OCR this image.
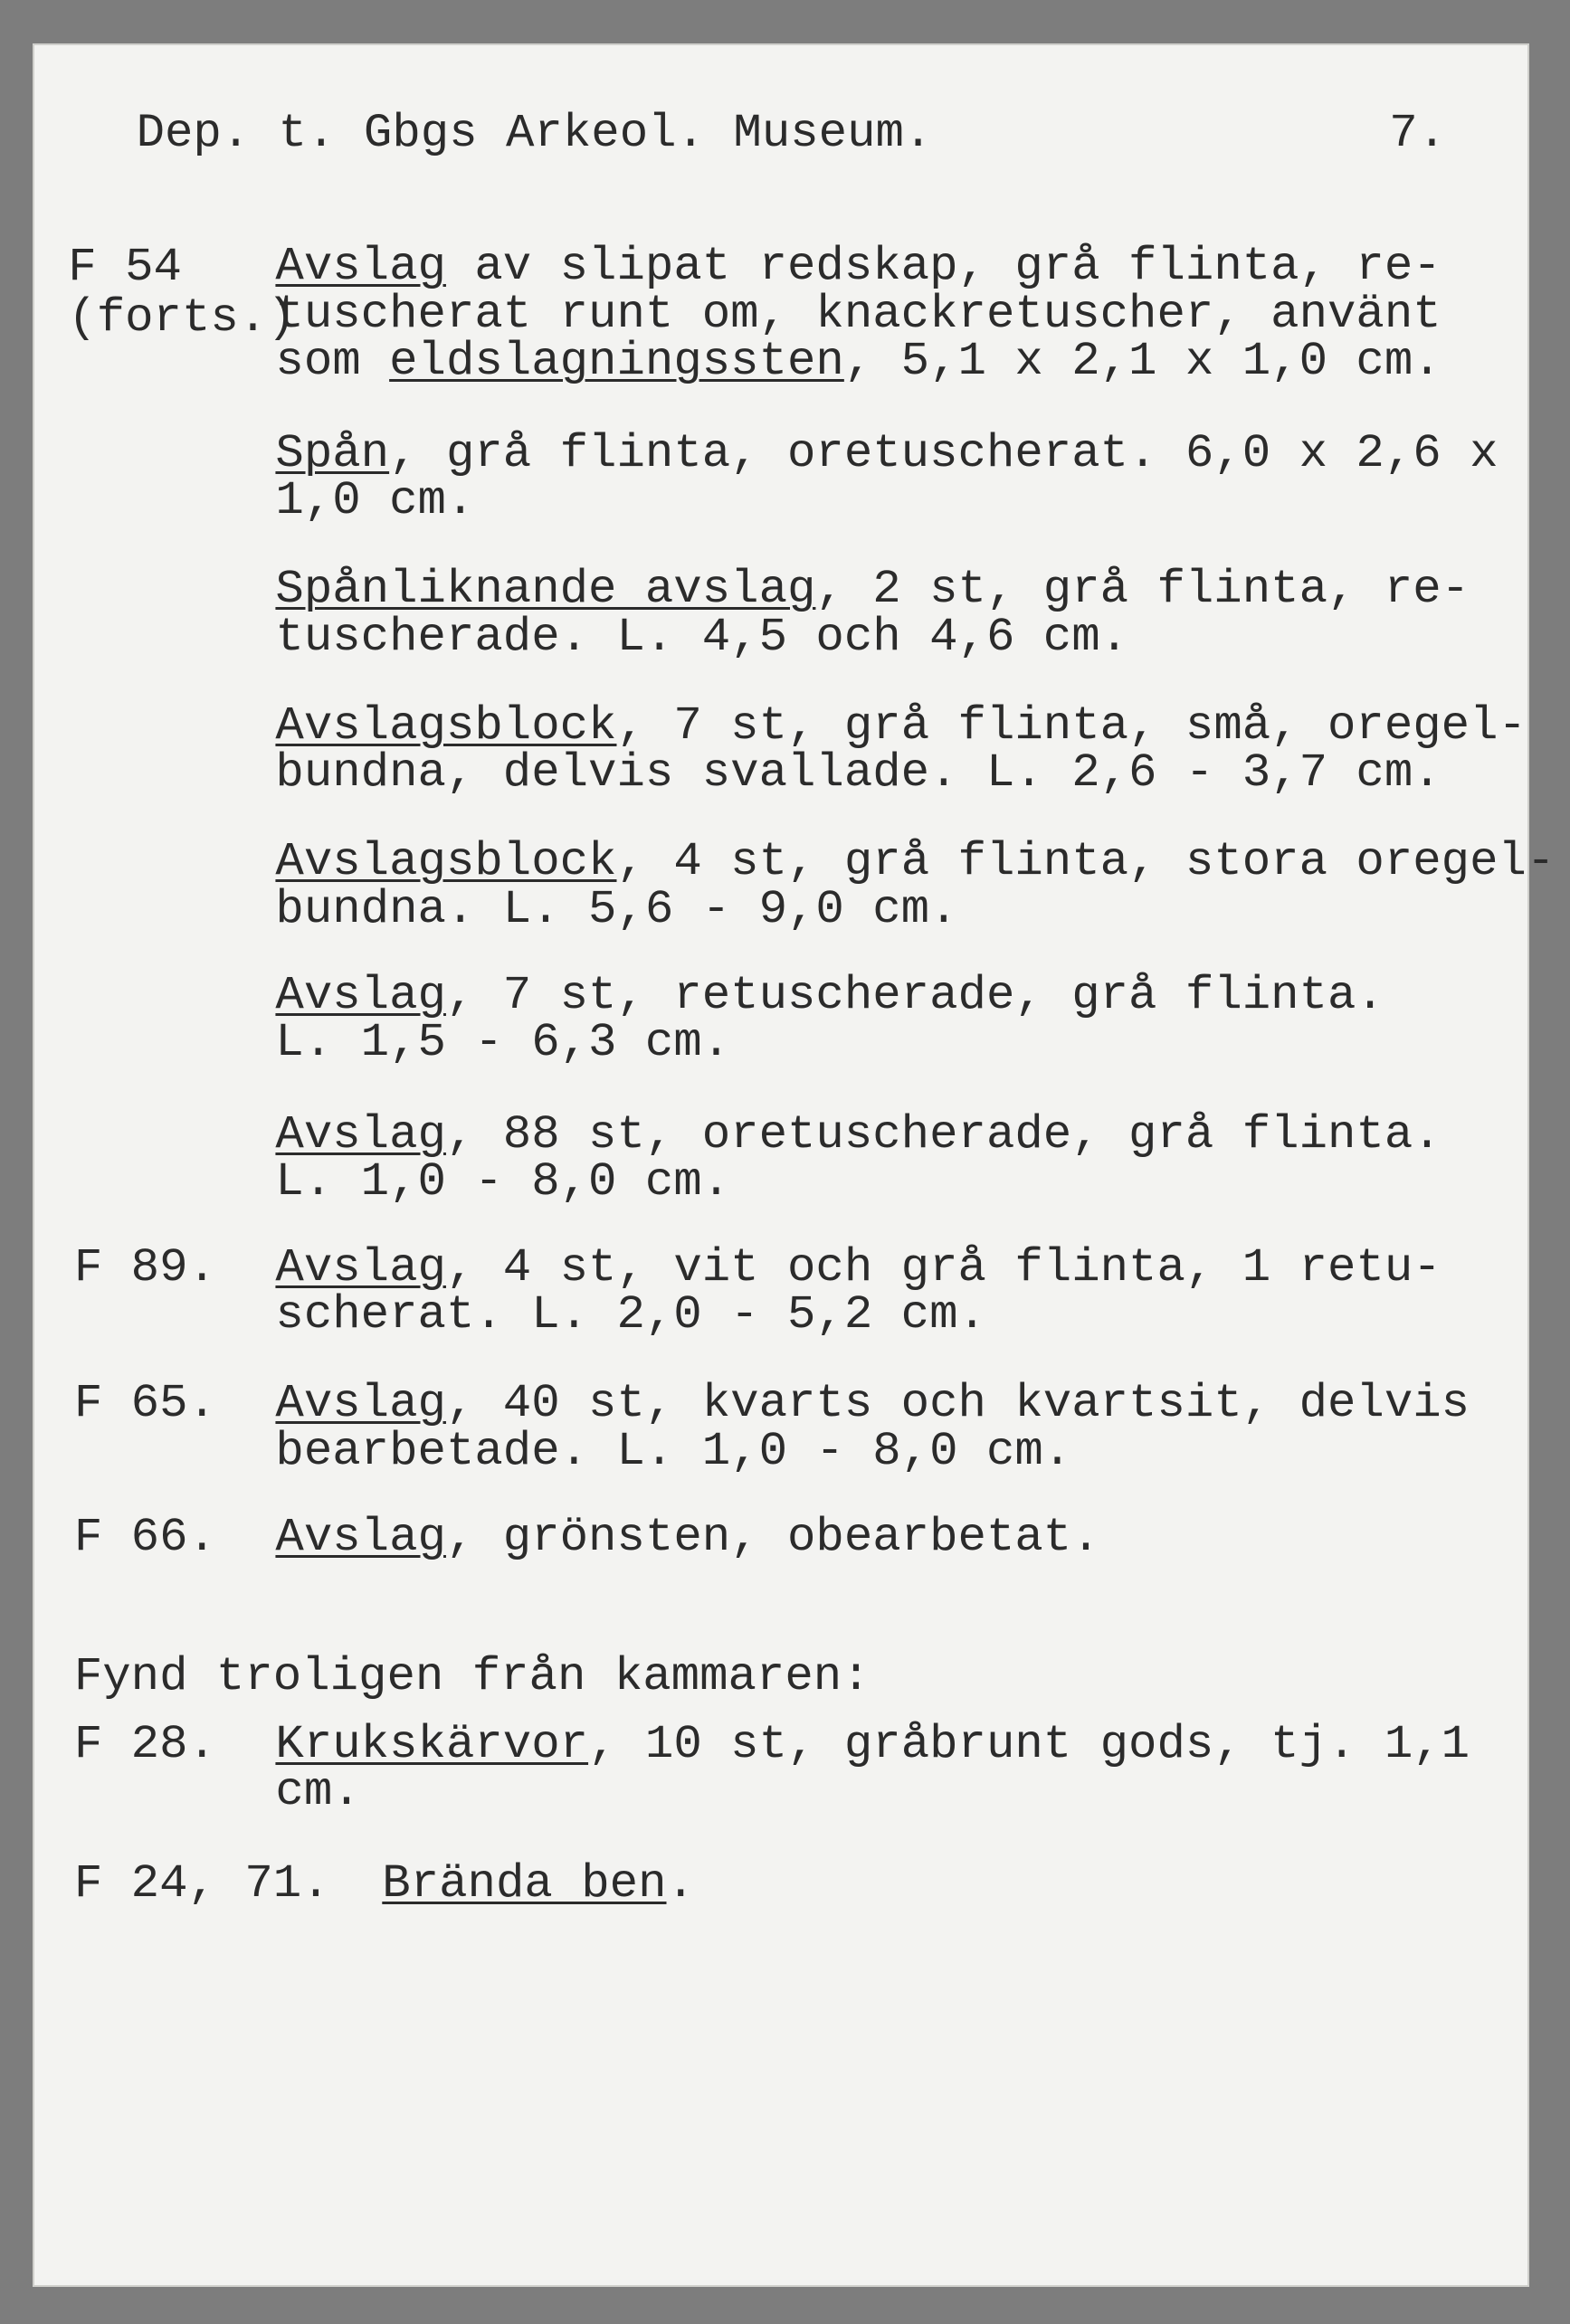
Dep. t. Gbgs Arkeol. Museum.	7.
F 54
(forts.)
Avslag av slipat redskap, grå flinta, re-
tuscherat runt om, knackretuscher, använt
som eldslagningssten, 5,1 x 2,1 x 1,0 cm.
Spån, grå flinta, oretuscherat. 6,0 x 2,6 x
1,0 cm.
Spånliknande avslag, 2 st, grå flinta, re-
tuscherade. L. 4,5 och 4,6 cm.
Avslagsblock, 7 st, grå flinta, små, oregel-
bundna, delvis svallade. L. 2,6 - 3,7 cm.
Avslagsblock, 4 st, grå flinta, stora oregel-
bundna. L. 5,6 - 9,0 cm.
Avslag, 7 st, retuscherade, grå flinta.
L. 1,5 - 6,3 cm.
Avslag, 88 st, oretuscherade, grå flinta.
L. 1,0 - 8,0 cm.
F 89. Avslag, 4 st, vit och grå flinta, 1 retu-
scherat. L. 2,0 - 5,2 cm.
F 65. Avslag, 40 st, kvarts och kvartsit, delvis
bearbetade. L. 1,0 - 8,0 cm.
F 66. Avslag, grönsten, obearbetat.
Fynd troligen från kammaren:
F 28. Krukskärvor, 10 st, gråbrunt gods, tj. 1,1
cm.
F 24, 71. Brända ben.
